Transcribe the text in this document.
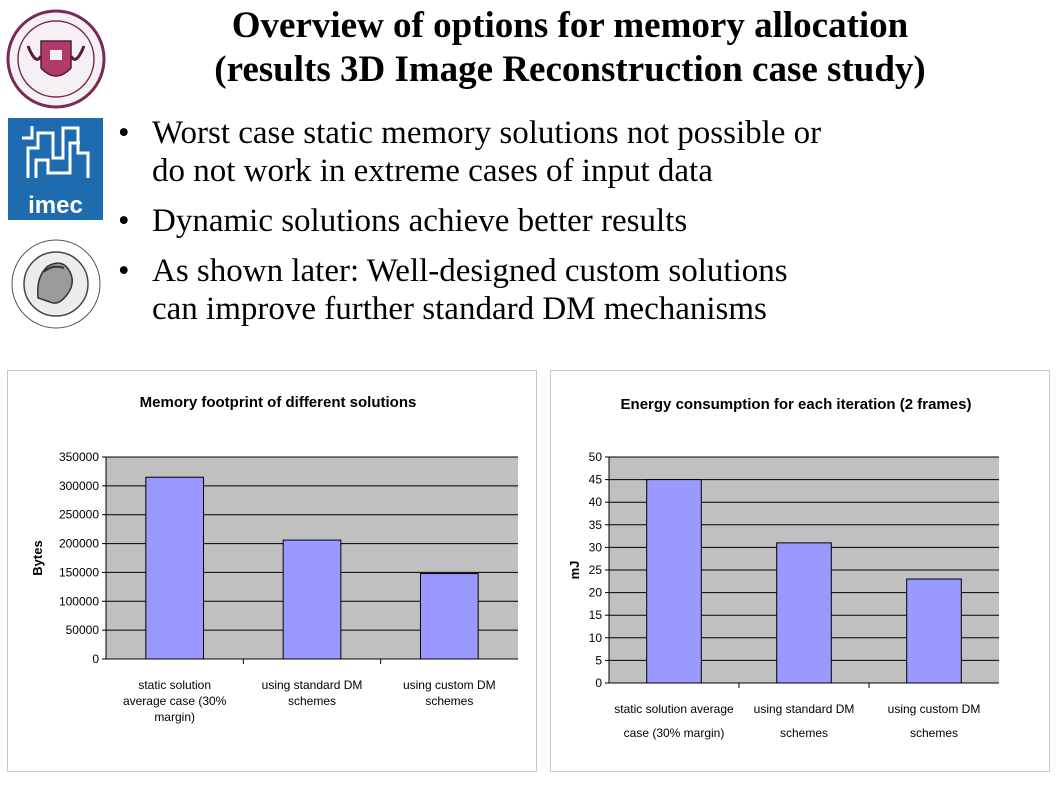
Overview of options for memory allocation
(results 3D Image Reconstruction case study)
imec
• Worst case static memory solutions not possible or
do not work in extreme cases of input data
• Dynamic solutions achieve better results
• As shown later: Well-designed custom solutions
can improve further standard DM mechanisms
Memory footprint of different solutions
0
50000
100000
150000
200000
250000
300000
350000
Bytes
static solution
average case (30%
margin)
using standard DM
schemes
using custom DM
schemes
Energy consumption for each iteration (2 frames)
0
5
10
15
20
25
30
35
40
45
50
mJ
static solution average
case (30% margin)
using standard DM
schemes
using custom DM
schemes
